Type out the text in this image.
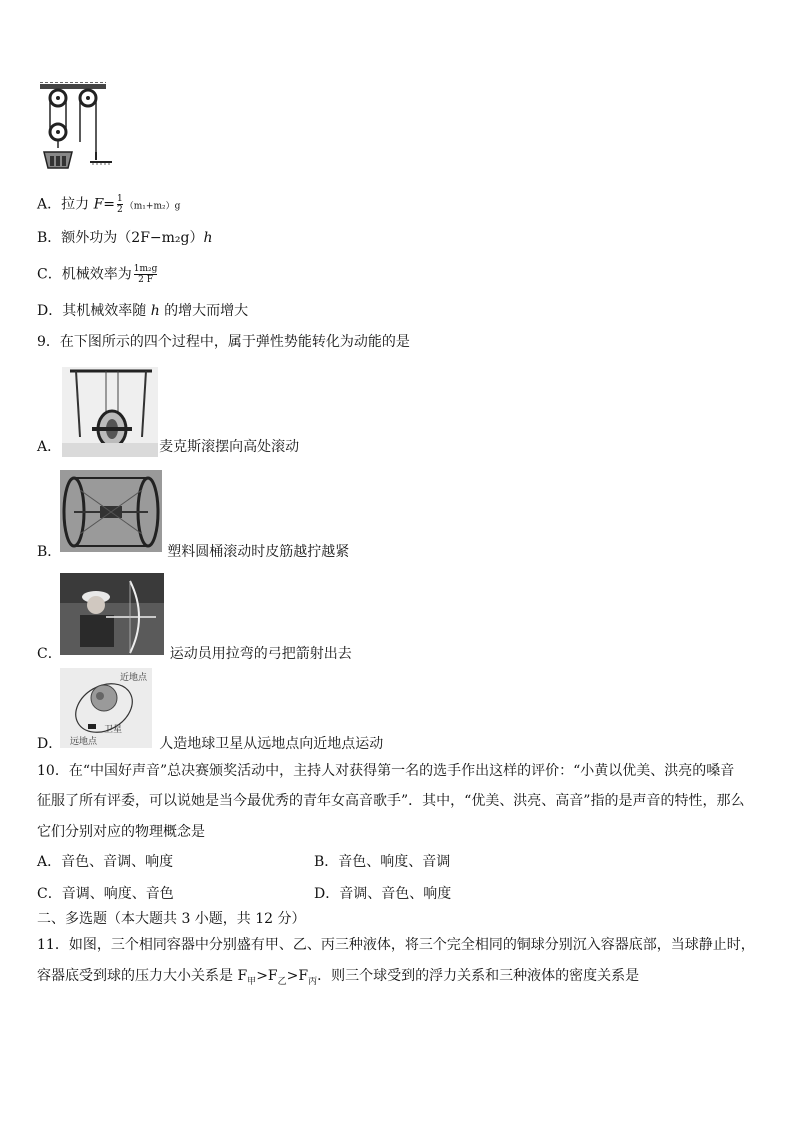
A．拉力 $F= \frac{1}{2} (m_1+m_2)g$
B．额外功为（2F−m₂g）h
C．机械效率为 $\frac{\text{1m₂g}}{2 F}$
D．其机械效率随 h 的增大而增大
9．在下图所示的四个过程中，属于弹性势能转化为动能的是
A．	麦克斯滚摆向高处滚动
B．	塑料圆桶滚动时皮筋越拧越紧
C．	运动员用拉弯的弓把箭射出去
近地点
卫星
远地点
D．	人造地球卫星从远地点向近地点运动
10．在“中国好声音”总决赛颁奖活动中，主持人对获得第一名的选手作出这样的评价：“小黄以优美、洪亮的嗓音
征服了所有评委，可以说她是当今最优秀的青年女高音歌手”．其中，“优美、洪亮、高音”指的是声音的特性，那么
它们分别对应的物理概念是
A．音色、音调、响度	B．音色、响度、音调
C．音调、响度、音色	D．音调、音色、响度
二、多选题（本大题共 3 小题，共 12 分）
11．如图，三个相同容器中分别盛有甲、乙、丙三种液体，将三个完全相同的铜球分别沉入容器底部，当球静止时，
容器底受到球的压力大小关系是 $F_甲>F_乙>F_丙$．则三个球受到的浮力关系和三种液体的密度关系是
